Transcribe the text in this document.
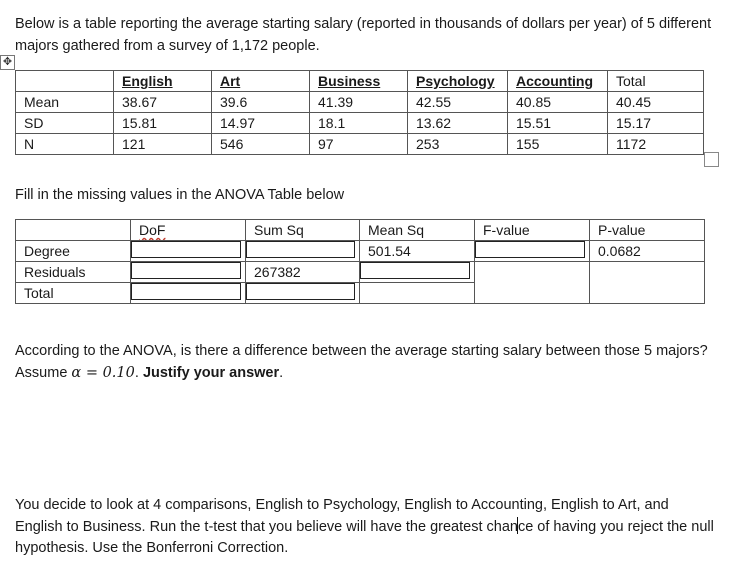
Below is a table reporting the average starting salary (reported in thousands of dollars per year) of 5 different majors gathered from a survey of 1,172 people.
✥
	English	Art	Business	Psychology	Accounting	Total
Mean	38.67	39.6	41.39	42.55	40.85	40.45
SD	15.81	14.97	18.1	13.62	15.51	15.17
N	121	546	97	253	155	1172
Fill in the missing values in the ANOVA Table below
	DoF	Sum Sq	Mean Sq	F-value	P-value
Degree			501.54		0.0682
Residuals		267382			
Total					
According to the ANOVA, is there a difference between the average starting salary between those 5 majors? Assume α = 0.10. Justify your answer.
You decide to look at 4 comparisons, English to Psychology, English to Accounting, English to Art, and English to Business. Run the t-test that you believe will have the greatest chance of having you reject the null hypothesis. Use the Bonferroni Correction.
